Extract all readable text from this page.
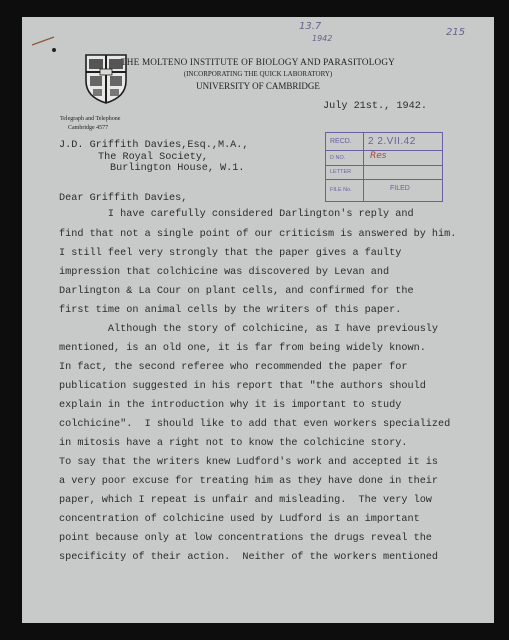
13.7
1942
215
THE MOLTENO INSTITUTE OF BIOLOGY AND PARASITOLOGY
(INCORPORATING THE QUICK LABORATORY)
UNIVERSITY OF CAMBRIDGE
Telegraph and Telephone
Cambridge 4577
July 21st., 1942.
J.D. Griffith Davies,Esq.,M.A.,
The Royal Society,
Burlington House, W.1.
RECD. 2 2.VII.42
D NO.	Res
LETTER
FILE No.	FILED
Dear Griffith Davies,
I have carefully considered Darlington's reply and
find that not a single point of our criticism is answered by him.
I still feel very strongly that the paper gives a faulty
impression that colchicine was discovered by Levan and
Darlington & La Cour on plant cells, and confirmed for the
first time on animal cells by the writers of this paper.
Although the story of colchicine, as I have previously
mentioned, is an old one, it is far from being widely known.
In fact, the second referee who recommended the paper for
publication suggested in his report that "the authors should
explain in the introduction why it is important to study
colchicine".  I should like to add that even workers specialized
in mitosis have a right not to know the colchicine story.
To say that the writers knew Ludford's work and accepted it is
a very poor excuse for treating him as they have done in their
paper, which I repeat is unfair and misleading.  The very low
concentration of colchicine used by Ludford is an important
point because only at low concentrations the drugs reveal the
specificity of their action.  Neither of the workers mentioned
